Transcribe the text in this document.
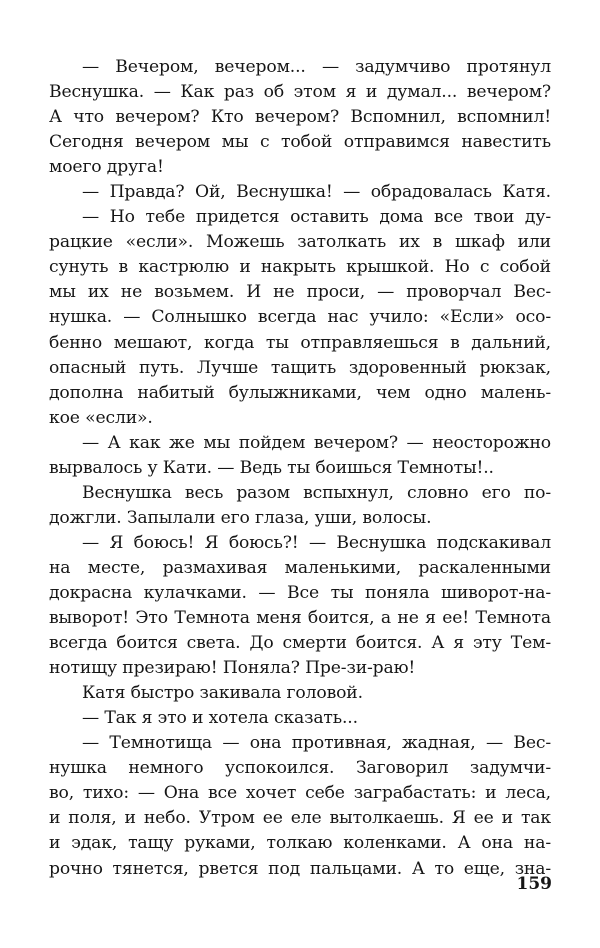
— Вечером, вечером... — задумчиво протянул
Веснушка. — Как раз об этом я и думал... вечером?
А что вечером? Кто вечером? Вспомнил, вспомнил!
Сегодня вечером мы с тобой отправимся навестить
моего друга!
— Правда? Ой, Веснушка! — обрадовалась Катя.
— Но тебе придется оставить дома все твои ду-
рацкие «если». Можешь затолкать их в шкаф или
сунуть в кастрюлю и накрыть крышкой. Но с собой
мы их не возьмем. И не проси, — проворчал Вес-
нушка. — Солнышко всегда нас учило: «Если» осо-
бенно мешают, когда ты отправляешься в дальний,
опасный путь. Лучше тащить здоровенный рюкзак,
дополна набитый булыжниками, чем одно малень-
кое «если».
— А как же мы пойдем вечером? — неосторожно
вырвалось у Кати. — Ведь ты боишься Темноты!..
Веснушка весь разом вспыхнул, словно его по-
дожгли. Запылали его глаза, уши, волосы.
— Я боюсь! Я боюсь?! — Веснушка подскакивал
на месте, размахивая маленькими, раскаленными
докрасна кулачками. — Все ты поняла шиворот-на-
выворот! Это Темнота меня боится, а не я ее! Темнота
всегда боится света. До смерти боится. А я эту Тем-
нотищу презираю! Поняла? Пре-зи-раю!
Катя быстро закивала головой.
— Так я это и хотела сказать...
— Темнотища — она противная, жадная, — Вес-
нушка немного успокоился. Заговорил задумчи-
во, тихо: — Она все хочет себе заграбастать: и леса,
и поля, и небо. Утром ее еле вытолкаешь. Я ее и так
и эдак, тащу руками, толкаю коленками. А она на-
рочно тянется, рвется под пальцами. А то еще, зна-
159
